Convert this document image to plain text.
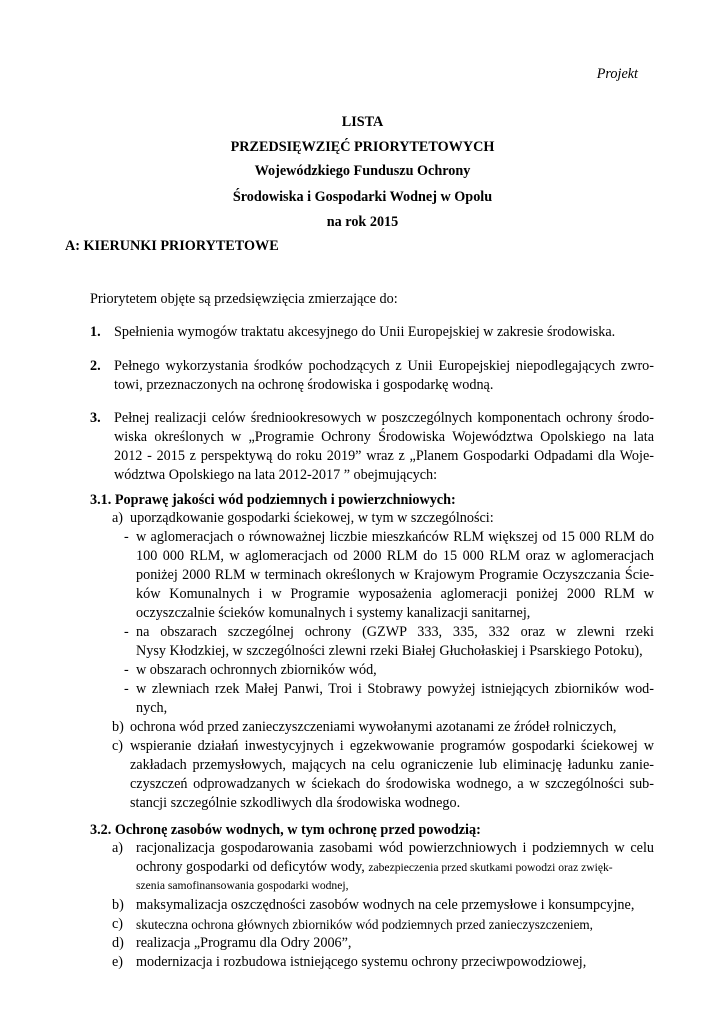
Projekt
LISTA
PRZEDSIĘWZIĘĆ PRIORYTETOWYCH
Wojewódzkiego Funduszu Ochrony
Środowiska i Gospodarki Wodnej w Opolu
na rok 2015
A: KIERUNKI PRIORYTETOWE
Priorytetem objęte są przedsięwzięcia zmierzające do:
1. Spełnienia wymogów traktatu akcesyjnego do Unii Europejskiej w zakresie środowiska.
2. Pełnego wykorzystania środków pochodzących z Unii Europejskiej niepodlegających zwro-
towi, przeznaczonych na ochronę środowiska i gospodarkę wodną.
3. Pełnej realizacji celów średniookresowych w poszczególnych komponentach ochrony środo-
wiska określonych w „Programie Ochrony Środowiska Województwa Opolskiego na lata
2012 - 2015 z perspektywą do roku 2019” wraz z „Planem Gospodarki Odpadami dla Woje-
wództwa Opolskiego na lata 2012-2017 ” obejmujących:
3.1. Poprawę jakości wód podziemnych i powierzchniowych:
a) uporządkowanie gospodarki ściekowej, w tym w szczególności:
- w aglomeracjach o równoważnej liczbie mieszkańców RLM większej od 15 000 RLM do
100 000 RLM, w aglomeracjach od 2000 RLM do 15 000 RLM oraz w aglomeracjach
poniżej 2000 RLM w terminach określonych w Krajowym Programie Oczyszczania Ście-
ków Komunalnych i w Programie wyposażenia aglomeracji poniżej 2000 RLM w
oczyszczalnie ścieków komunalnych i systemy kanalizacji sanitarnej,
- na obszarach szczególnej ochrony (GZWP 333, 335, 332 oraz w zlewni rzeki
Nysy Kłodzkiej, w szczególności zlewni rzeki Białej Głuchołaskiej i Psarskiego Potoku),
- w obszarach ochronnych zbiorników wód,
- w zlewniach rzek Małej Panwi, Troi i Stobrawy powyżej istniejących zbiorników wod-
nych,
b) ochrona wód przed zanieczyszczeniami wywołanymi azotanami ze źródeł rolniczych,
c) wspieranie działań inwestycyjnych i egzekwowanie programów gospodarki ściekowej w
zakładach przemysłowych, mających na celu ograniczenie lub eliminację ładunku zanie-
czyszczeń odprowadzanych w ściekach do środowiska wodnego, a w szczególności sub-
stancji szczególnie szkodliwych dla środowiska wodnego.
3.2. Ochronę zasobów wodnych, w tym ochronę przed powodzią:
a) racjonalizacja gospodarowania zasobami wód powierzchniowych i podziemnych w celu
ochrony gospodarki od deficytów wody, zabezpieczenia przed skutkami powodzi oraz zwięk-
szenia samofinansowania gospodarki wodnej,
b) maksymalizacja oszczędności zasobów wodnych na cele przemysłowe i konsumpcyjne,
c) skuteczna ochrona głównych zbiorników wód podziemnych przed zanieczyszczeniem,
d) realizacja „Programu dla Odry 2006”,
e) modernizacja i rozbudowa istniejącego systemu ochrony przeciwpowodziowej,
